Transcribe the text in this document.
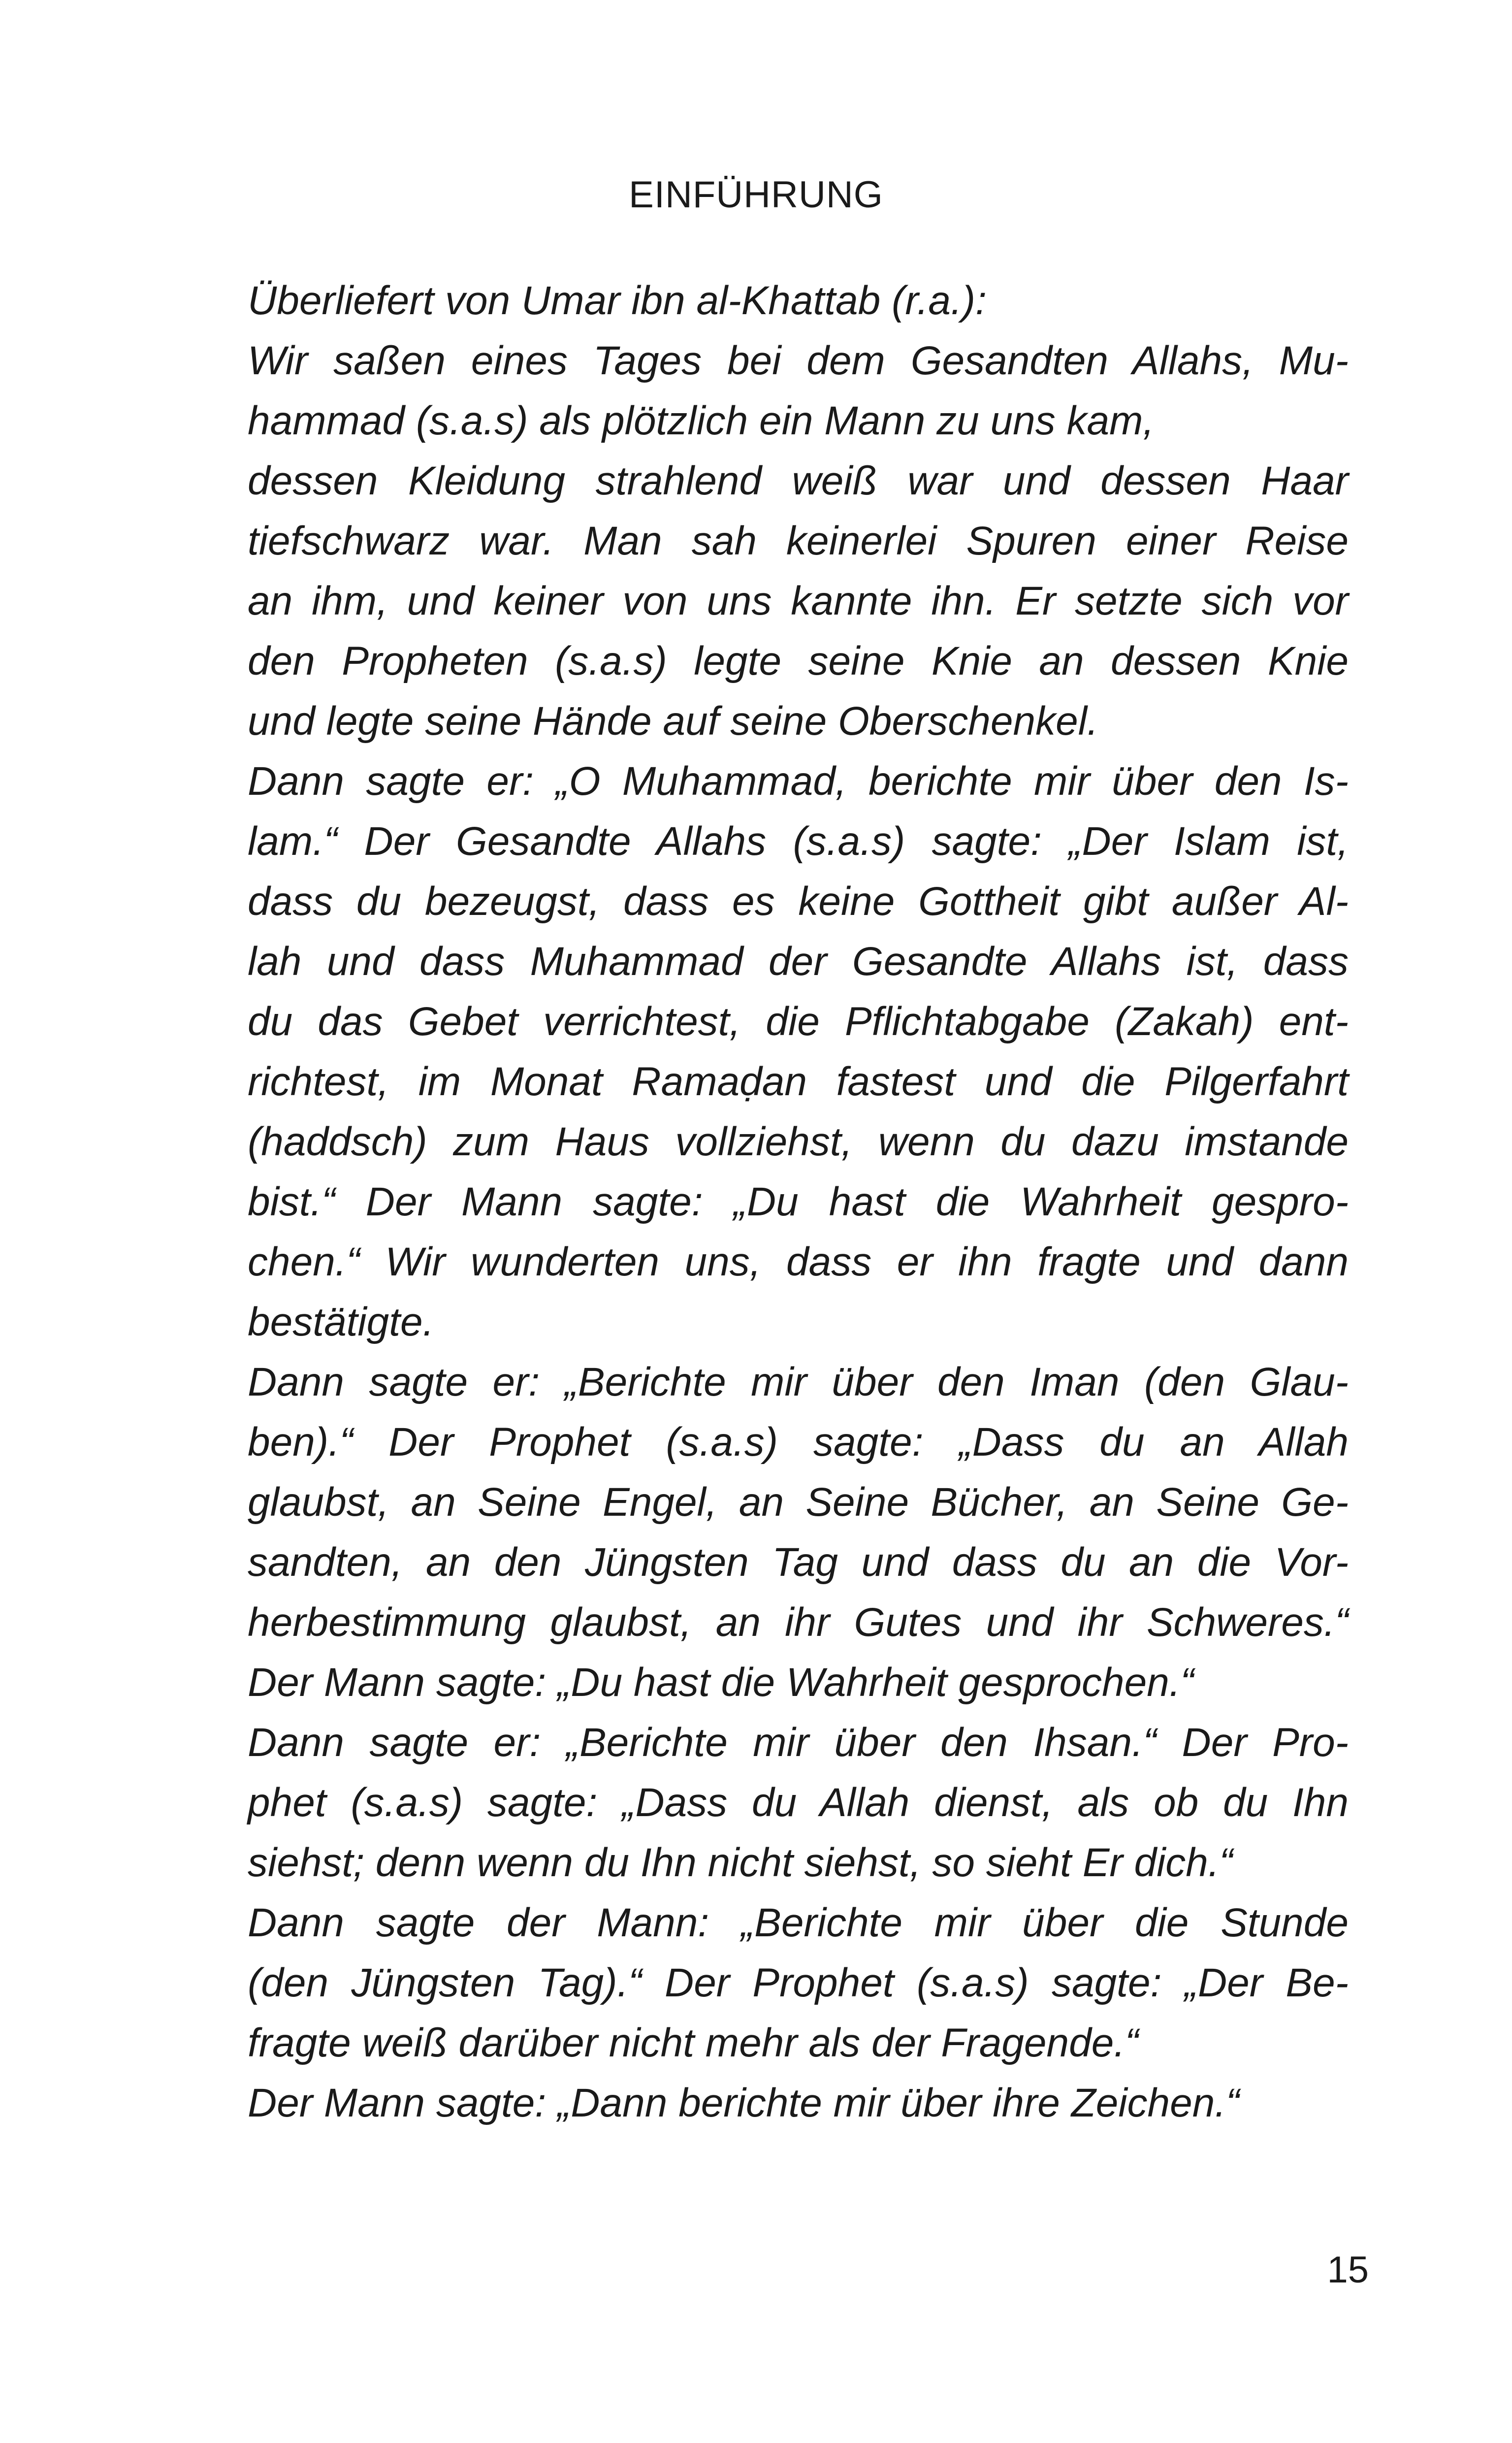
EINFÜHRUNG
Überliefert von Umar ibn al-Khattab (r.a.):
Wir saßen eines Tages bei dem Gesandten Allahs, Mu-
hammad (s.a.s) als plötzlich ein Mann zu uns kam,
dessen Kleidung strahlend weiß war und dessen Haar
tiefschwarz war. Man sah keinerlei Spuren einer Reise
an ihm, und keiner von uns kannte ihn. Er setzte sich vor
den Propheten (s.a.s) legte seine Knie an dessen Knie
und legte seine Hände auf seine Oberschenkel.
Dann sagte er: „O Muhammad, berichte mir über den Is-
lam.“ Der Gesandte Allahs (s.a.s) sagte: „Der Islam ist,
dass du bezeugst, dass es keine Gottheit gibt außer Al-
lah und dass Muhammad der Gesandte Allahs ist, dass
du das Gebet verrichtest, die Pflichtabgabe (Zakah) ent-
richtest, im Monat Ramaḍan fastest und die Pilgerfahrt
(haddsch) zum Haus vollziehst, wenn du dazu imstande
bist.“ Der Mann sagte: „Du hast die Wahrheit gespro-
chen.“ Wir wunderten uns, dass er ihn fragte und dann
bestätigte.
Dann sagte er: „Berichte mir über den Iman (den Glau-
ben).“ Der Prophet (s.a.s) sagte: „Dass du an Allah
glaubst, an Seine Engel, an Seine Bücher, an Seine Ge-
sandten, an den Jüngsten Tag und dass du an die Vor-
herbestimmung glaubst, an ihr Gutes und ihr Schweres.“
Der Mann sagte: „Du hast die Wahrheit gesprochen.“
Dann sagte er: „Berichte mir über den Ihsan.“ Der Pro-
phet (s.a.s) sagte: „Dass du Allah dienst, als ob du Ihn
siehst; denn wenn du Ihn nicht siehst, so sieht Er dich.“
Dann sagte der Mann: „Berichte mir über die Stunde
(den Jüngsten Tag).“ Der Prophet (s.a.s) sagte: „Der Be-
fragte weiß darüber nicht mehr als der Fragende.“
Der Mann sagte: „Dann berichte mir über ihre Zeichen.“
15
